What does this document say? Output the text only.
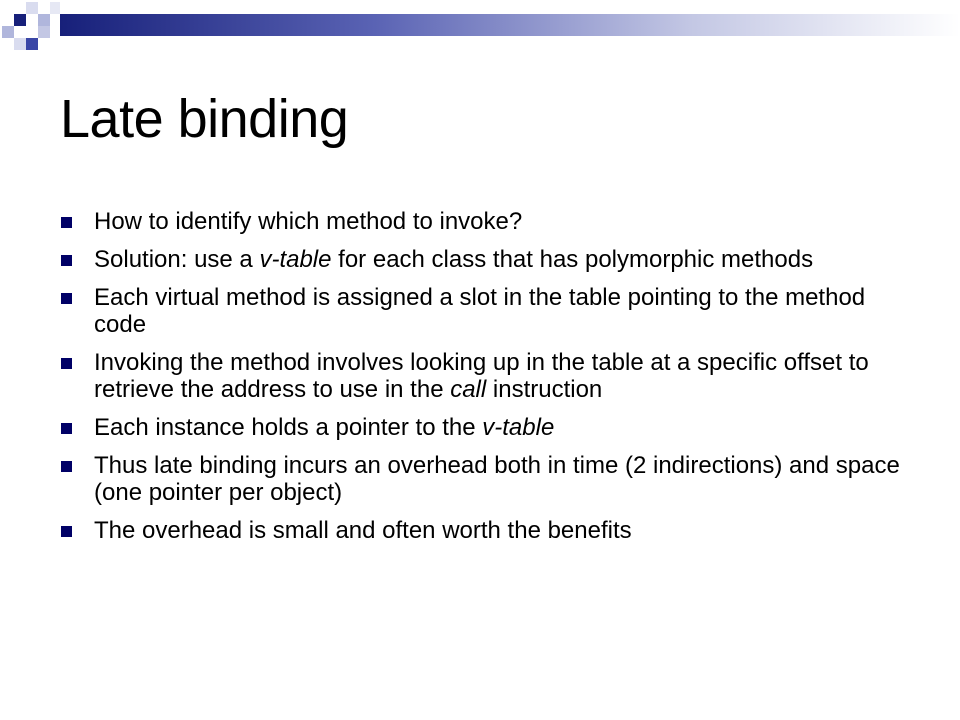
Late binding
How to identify which method to invoke?
Solution: use a v-table for each class that has polymorphic methods
Each virtual method is assigned a slot in the table pointing to the method code
Invoking the method involves looking up in the table at a specific offset to retrieve the address to use in the call instruction
Each instance holds a pointer to the v-table
Thus late binding incurs an overhead both in time (2 indirections) and space (one pointer per object)
The overhead is small and often worth the benefits
